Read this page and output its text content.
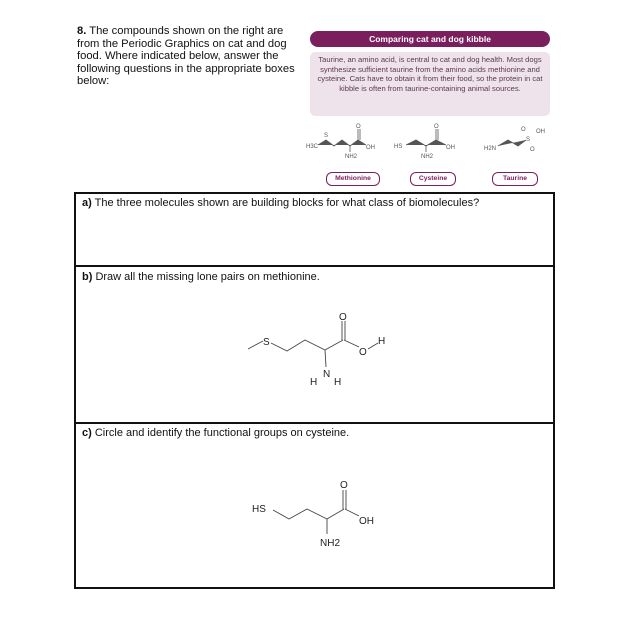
8. The compounds shown on the right are from the Periodic Graphics on cat and dog food. Where indicated below, answer the following questions in the appropriate boxes below:
Comparing cat and dog kibble
Taurine, an amino acid, is central to cat and dog health. Most dogs synthesize sufficient taurine from the amino acids methionine and cysteine. Cats have to obtain it from their food, so the protein in cat kibble is often from taurine-containing animal sources.
H3C
S
O
OH
NH2
HS
O
OH
NH2
H2N
S
O
O
OH
Methionine	Cysteine	Taurine
a) The three molecules shown are building blocks for what class of biomolecules?
b) Draw all the missing lone pairs on methionine.
S
O
O
H
N
H H
c) Circle and identify the functional groups on cysteine.
HS
O
OH
NH2
